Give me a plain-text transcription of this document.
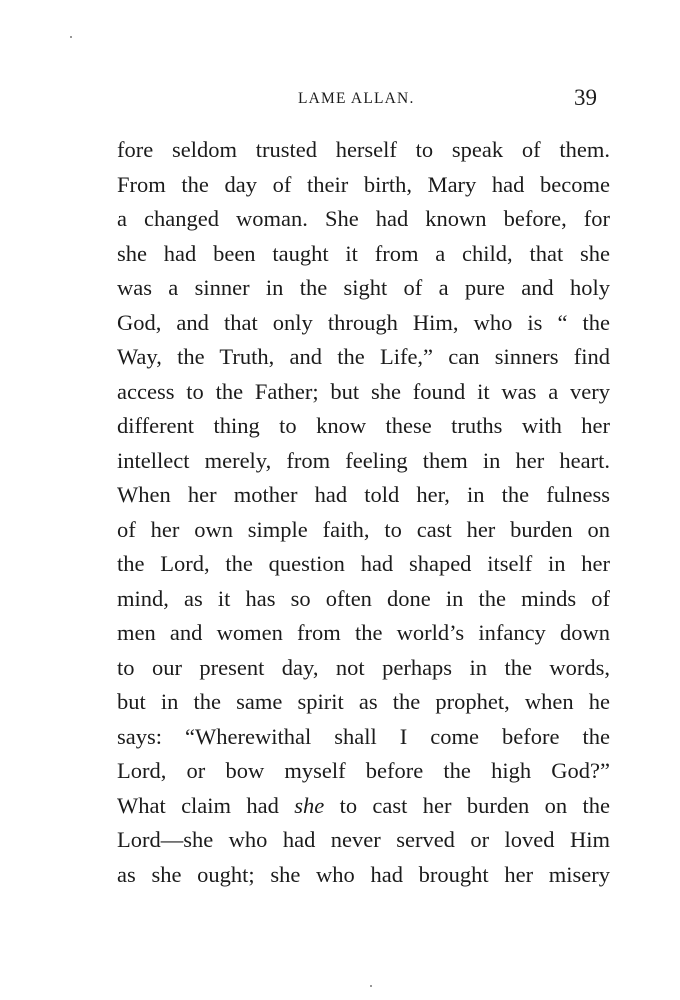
LAME ALLAN.	39
fore seldom trusted herself to speak of them.
From the day of their birth, Mary had become
a changed woman. She had known before, for
she had been taught it from a child, that she
was a sinner in the sight of a pure and holy
God, and that only through Him, who is “ the
Way, the Truth, and the Life,” can sinners find
access to the Father; but she found it was a very
different thing to know these truths with her
intellect merely, from feeling them in her heart.
When her mother had told her, in the fulness
of her own simple faith, to cast her burden on
the Lord, the question had shaped itself in her
mind, as it has so often done in the minds of
men and women from the world’s infancy down
to our present day, not perhaps in the words,
but in the same spirit as the prophet, when he
says: “Wherewithal shall I come before the
Lord, or bow myself before the high God?”
What claim had she to cast her burden on the
Lord—she who had never served or loved Him
as she ought; she who had brought her misery
